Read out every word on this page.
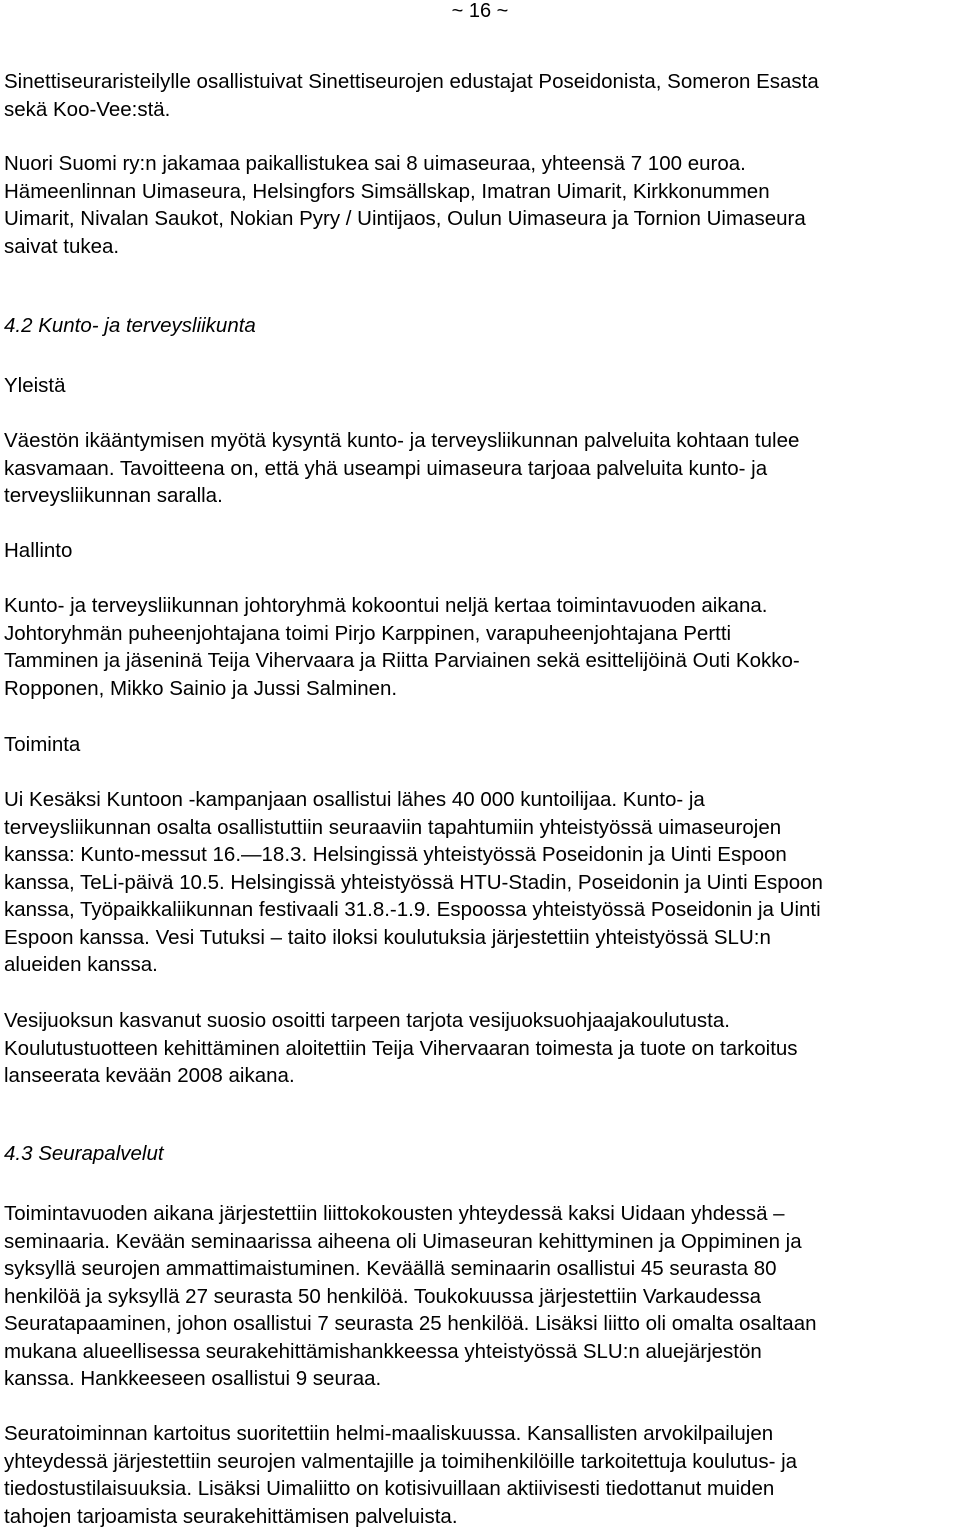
~ 16 ~

Sinettiseuraristeilylle osallistuivat Sinettiseurojen edustajat Poseidonista, Someron Esasta
sekä Koo-Vee:stä.

Nuori Suomi ry:n jakamaa paikallistukea sai 8 uimaseuraa, yhteensä 7 100 euroa.
Hämeenlinnan Uimaseura, Helsingfors Simsällskap, Imatran Uimarit, Kirkkonummen
Uimarit, Nivalan Saukot, Nokian Pyry / Uintijaos, Oulun Uimaseura ja Tornion Uimaseura
saivat tukea.

4.2 Kunto- ja terveysliikunta
Yleistä

Väestön ikääntymisen myötä kysyntä kunto- ja terveysliikunnan palveluita kohtaan tulee
kasvamaan. Tavoitteena on, että yhä useampi uimaseura tarjoaa palveluita kunto- ja
terveysliikunnan saralla.

Hallinto

Kunto- ja terveysliikunnan johtoryhmä kokoontui neljä kertaa toimintavuoden aikana.
Johtoryhmän puheenjohtajana toimi Pirjo Karppinen, varapuheenjohtajana Pertti
Tamminen ja jäseninä Teija Vihervaara ja Riitta Parviainen sekä esittelijöinä Outi Kokko-
Ropponen, Mikko Sainio ja Jussi Salminen.

Toiminta

Ui Kesäksi Kuntoon -kampanjaan osallistui lähes 40 000 kuntoilijaa. Kunto- ja
terveysliikunnan osalta osallistuttiin seuraaviin tapahtumiin yhteistyössä uimaseurojen
kanssa: Kunto-messut 16.—18.3. Helsingissä yhteistyössä Poseidonin ja Uinti Espoon
kanssa, TeLi-päivä 10.5. Helsingissä yhteistyössä HTU-Stadin, Poseidonin ja Uinti Espoon
kanssa, Työpaikkaliikunnan festivaali 31.8.-1.9. Espoossa yhteistyössä Poseidonin ja Uinti
Espoon kanssa. Vesi Tutuksi – taito iloksi koulutuksia järjestettiin yhteistyössä SLU:n
alueiden kanssa.

Vesijuoksun kasvanut suosio osoitti tarpeen tarjota vesijuoksuohjaajakoulutusta.
Koulutustuotteen kehittäminen aloitettiin Teija Vihervaaran toimesta ja tuote on tarkoitus
lanseerata kevään 2008 aikana.

4.3 Seurapalvelut

Toimintavuoden aikana järjestettiin liittokokousten yhteydessä kaksi Uidaan yhdessä –
seminaaria. Kevään seminaarissa aiheena oli Uimaseuran kehittyminen ja Oppiminen ja
syksyllä seurojen ammattimaistuminen. Keväällä seminaarin osallistui 45 seurasta 80
henkilöä ja syksyllä 27 seurasta 50 henkilöä. Toukokuussa järjestettiin Varkaudessa
Seuratapaaminen, johon osallistui 7 seurasta 25 henkilöä. Lisäksi liitto oli omalta osaltaan
mukana alueellisessa seurakehittämishankkeessa yhteistyössä SLU:n aluejärjestön
kanssa. Hankkeeseen osallistui 9 seuraa.

Seuratoiminnan kartoitus suoritettiin helmi-maaliskuussa. Kansallisten arvokilpailujen
yhteydessä järjestettiin seurojen valmentajille ja toimihenkilöille tarkoitettuja koulutus- ja
tiedostustilaisuuksia. Lisäksi Uimaliitto on kotisivuillaan aktiivisesti tiedottanut muiden
tahojen tarjoamista seurakehittämisen palveluista.
